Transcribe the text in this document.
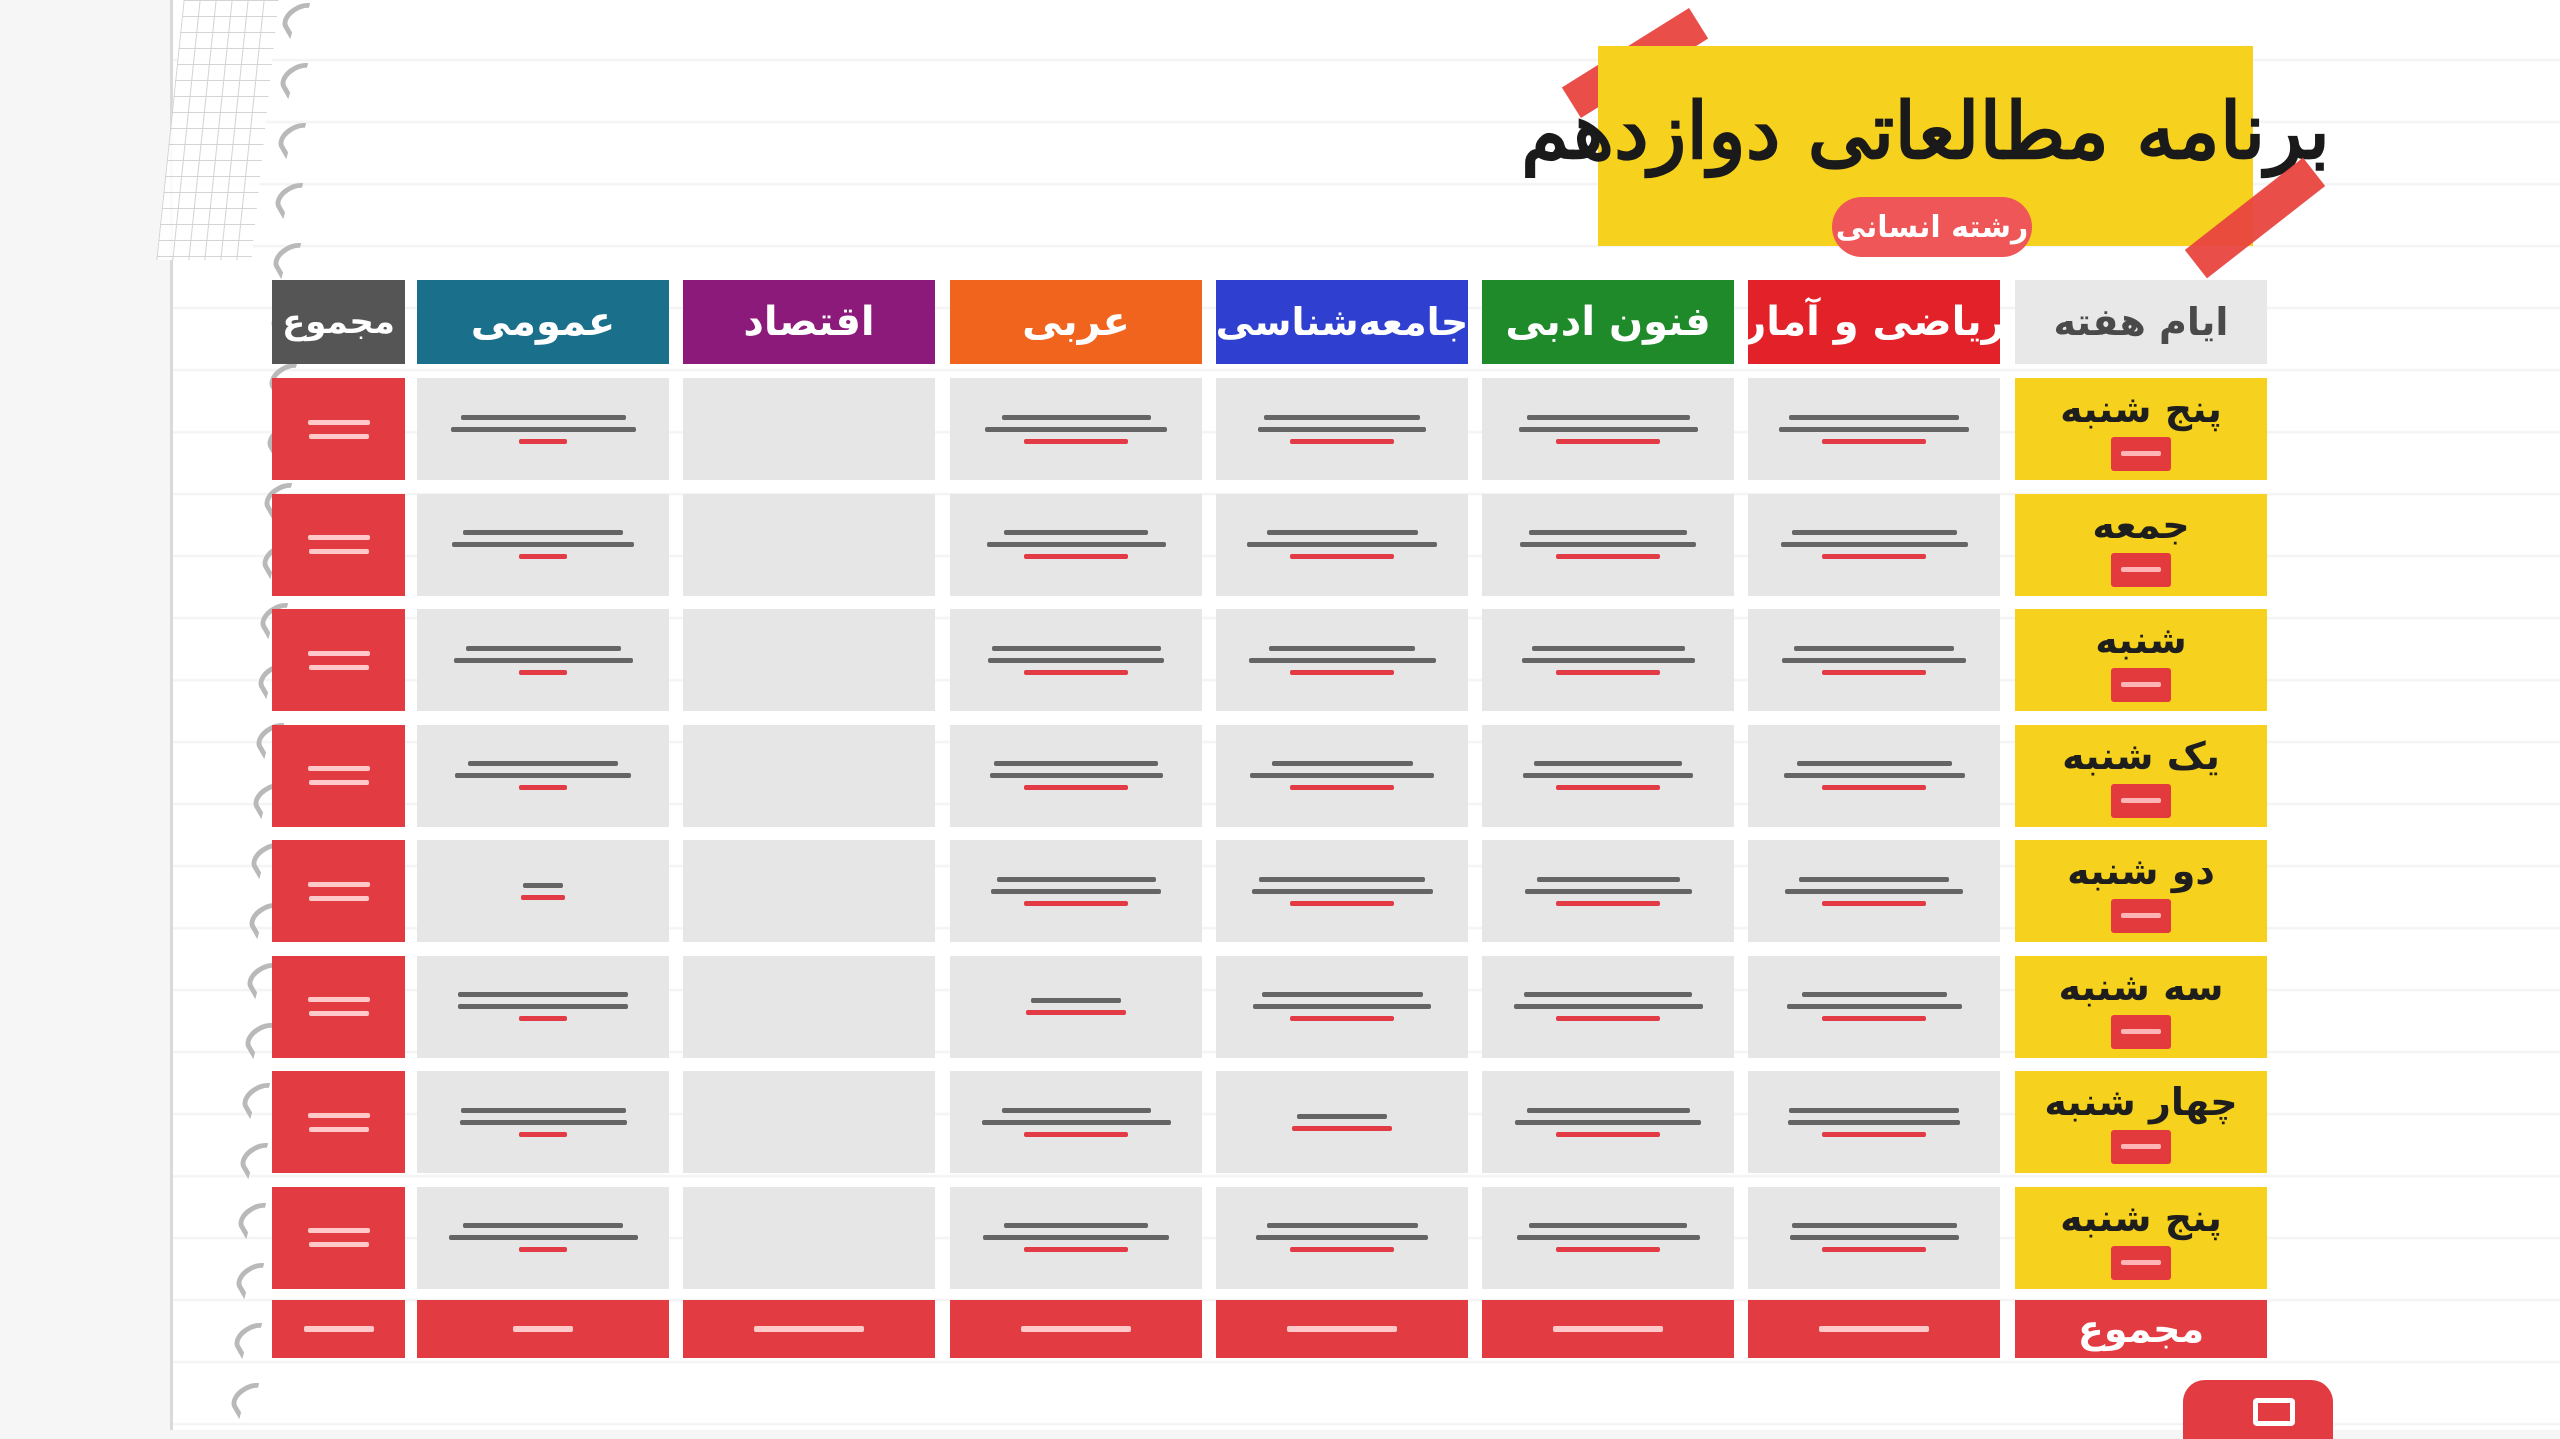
برنامه مطالعاتی دوازدهم
رشته انسانی
ایام هفته
ریاضی و آمار
فنون ادبی
جامعه‌شناسی
عربی
اقتصاد
عمومی
مجموع
پنج شنبه
جمعه
شنبه
یک شنبه
دو شنبه
سه شنبه
چهار شنبه
پنج شنبه
مجموع
